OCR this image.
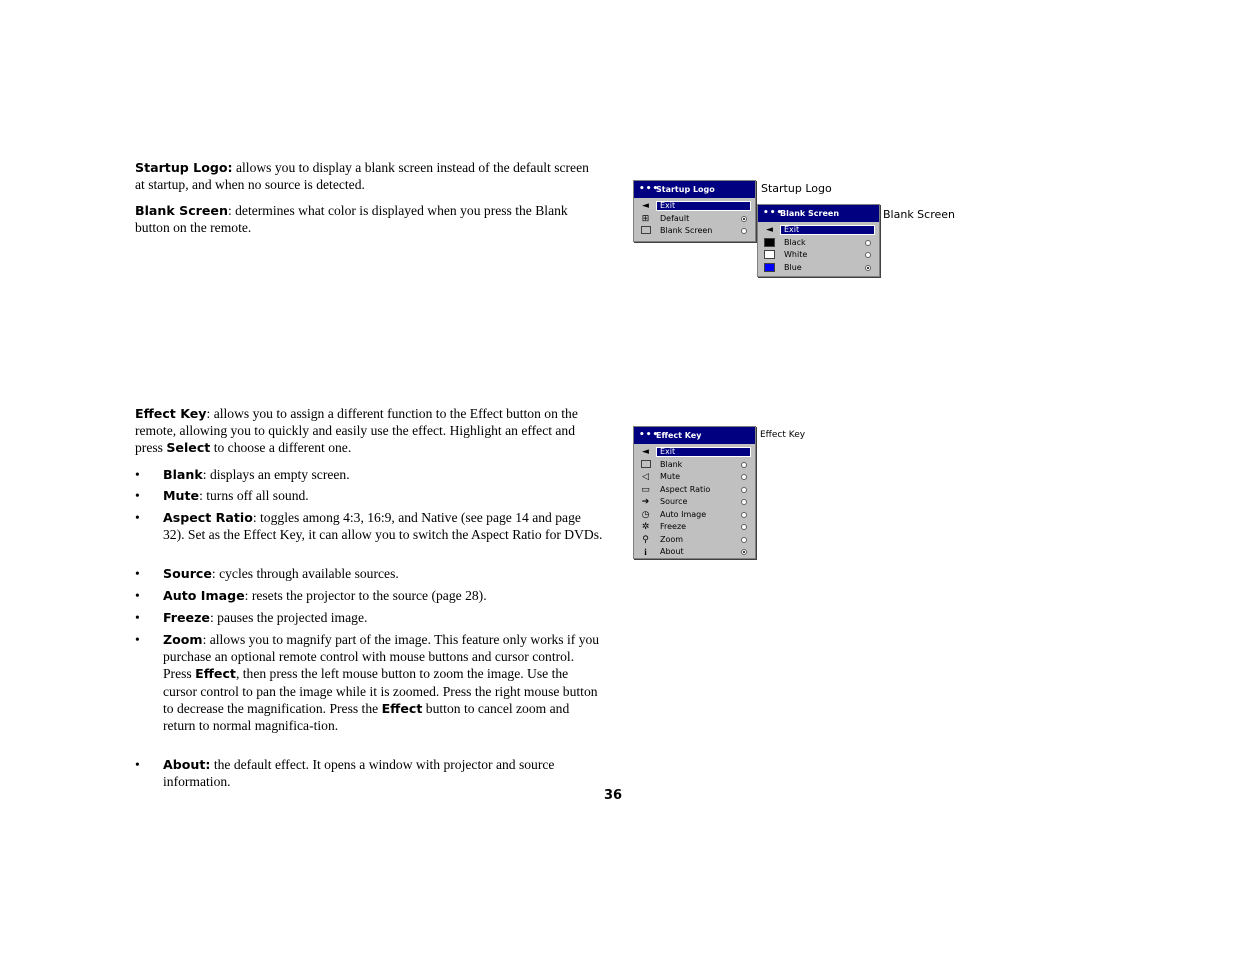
Startup Logo: allows you to display a blank screen instead of the default screen at startup, and when no source is detected.
Blank Screen: determines what color is displayed when you press the Blank button on the remote.
Effect Key: allows you to assign a different function to the Effect button on the remote, allowing you to quickly and easily use the effect. Highlight an effect and press Select to choose a different one.
• Blank: displays an empty screen.
• Mute: turns off all sound.
• Aspect Ratio: toggles among 4:3, 16:9, and Native (see page 14 and page 32). Set as the Effect Key, it can allow you to switch the Aspect Ratio for DVDs.
• Source: cycles through available sources.
• Auto Image: resets the projector to the source (page 28).
• Freeze: pauses the projected image.
• Zoom: allows you to magnify part of the image. This feature only works if you purchase an optional remote control with mouse buttons and cursor control. Press Effect, then press the left mouse button to zoom the image. Use the cursor control to pan the image while it is zoomed. Press the right mouse button to decrease the magnification. Press the Effect button to cancel zoom and return to normal magnifica-tion.
• About: the default effect. It opens a window with projector and source information.
36
•••
Startup Logo
◄ Exit
⊞ Default
Blank Screen
Startup Logo
•••
Blank Screen
◄ Exit
Black
White
Blue
Blank Screen
•••
Effect Key
◄ Exit
Blank
◁ Mute
▭ Aspect Ratio
➔ Source
◷ Auto Image
✲ Freeze
⚲ Zoom
i	About
Effect Key
